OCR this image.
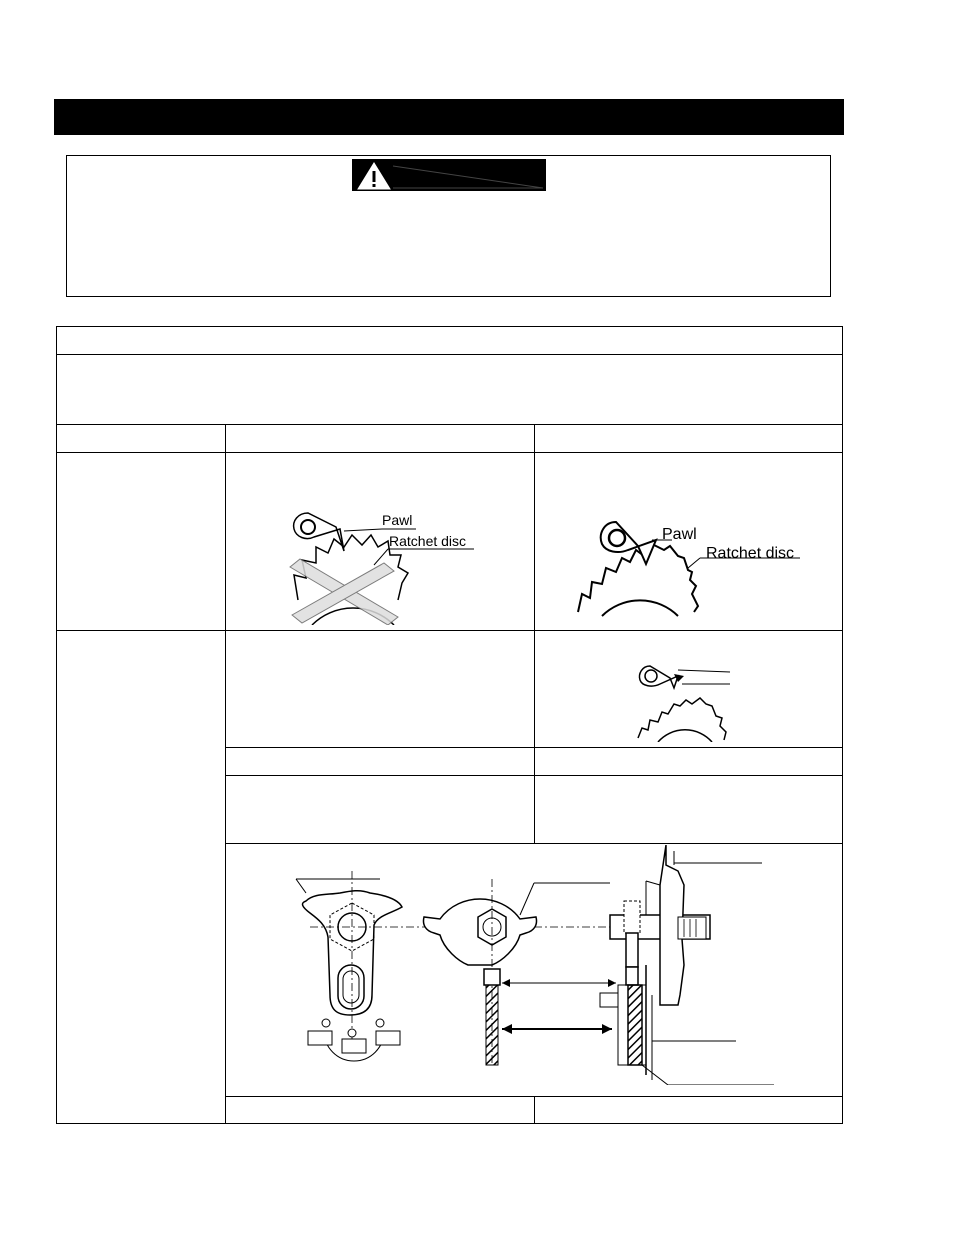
Pawl
Ratchet disc	Pawl
Ratchet disc
